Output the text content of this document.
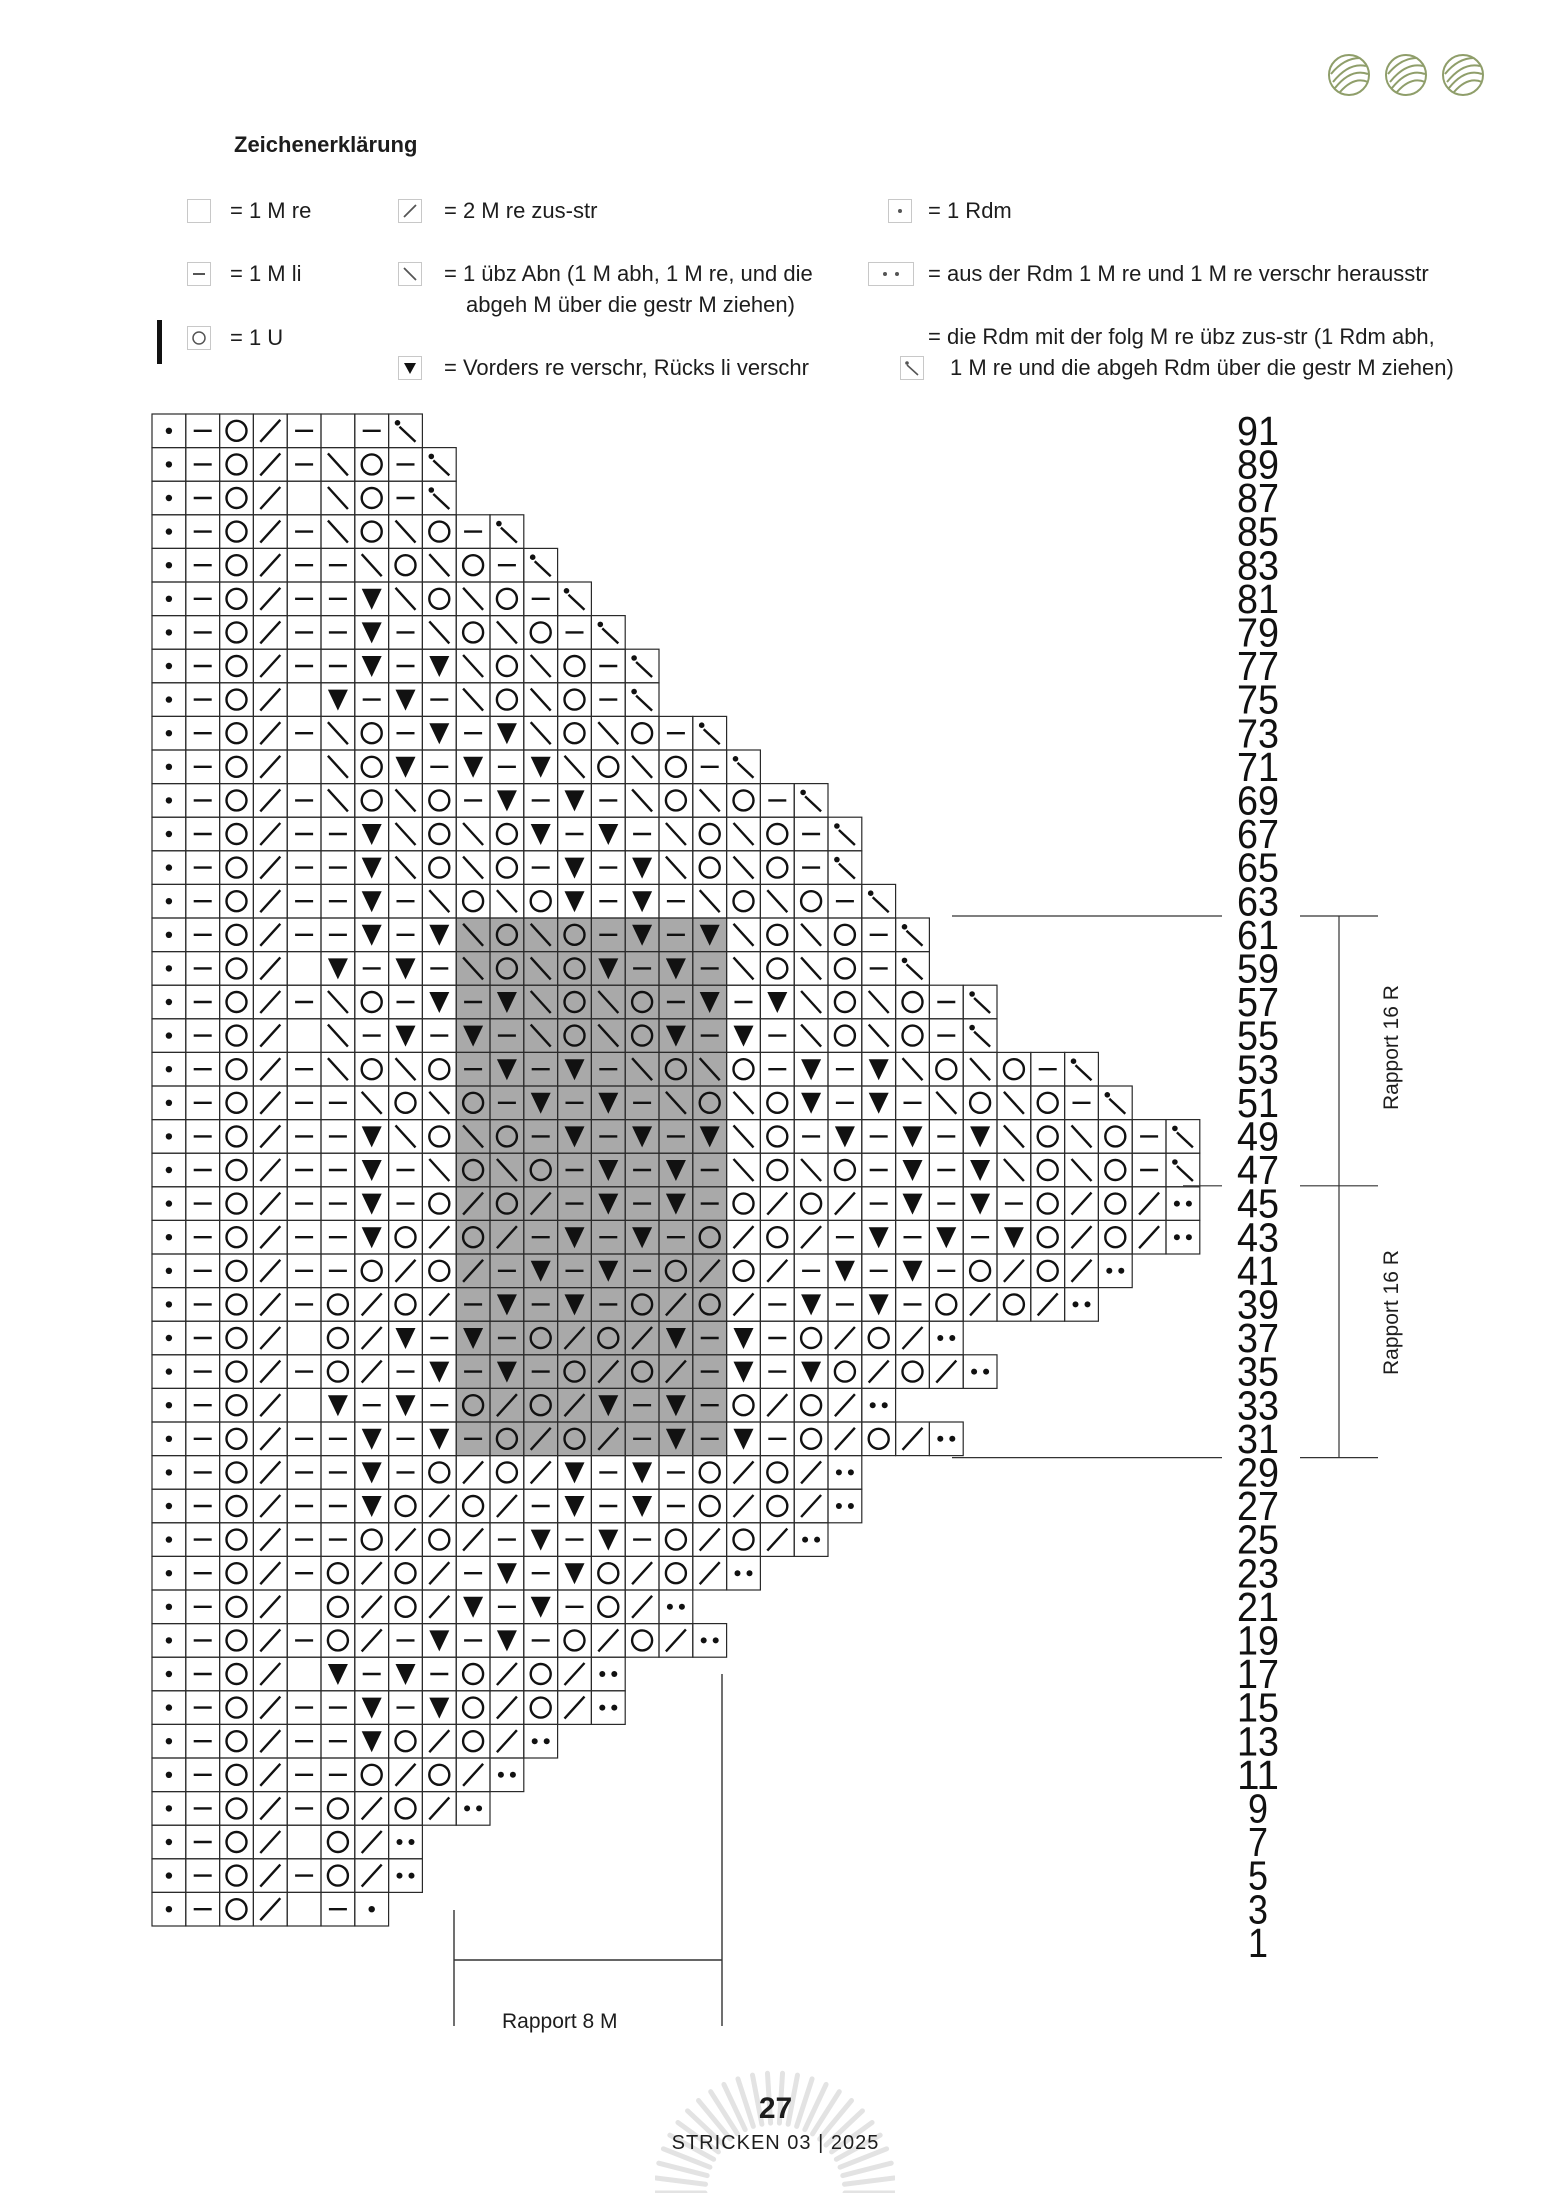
Zeichenerklärung
= 1 M re
= 1 M li
= 1 U
= 2 M re zus-str
= 1 übz Abn (1 M abh, 1 M re, und die
abgeh M über die gestr M ziehen)
= Vorders re verschr, Rücks li verschr
= 1 Rdm
= aus der Rdm 1 M re und 1 M re verschr herausstr
= die Rdm mit der folg M re übz zus-str (1 Rdm abh,
1 M re und die abgeh Rdm über die gestr M ziehen)
91
89
87
85
83
81
79
77
75
73
71
69
67
65
63
61
59
57
55
53
51
49
47
45
43
41
39
37
35
33
31
29
27
25
23
21
19
17
15
13
11
9
7
5
3
1
Rapport 16 R
Rapport 16 R
Rapport 8 M
27
STRICKEN 03 | 2025
